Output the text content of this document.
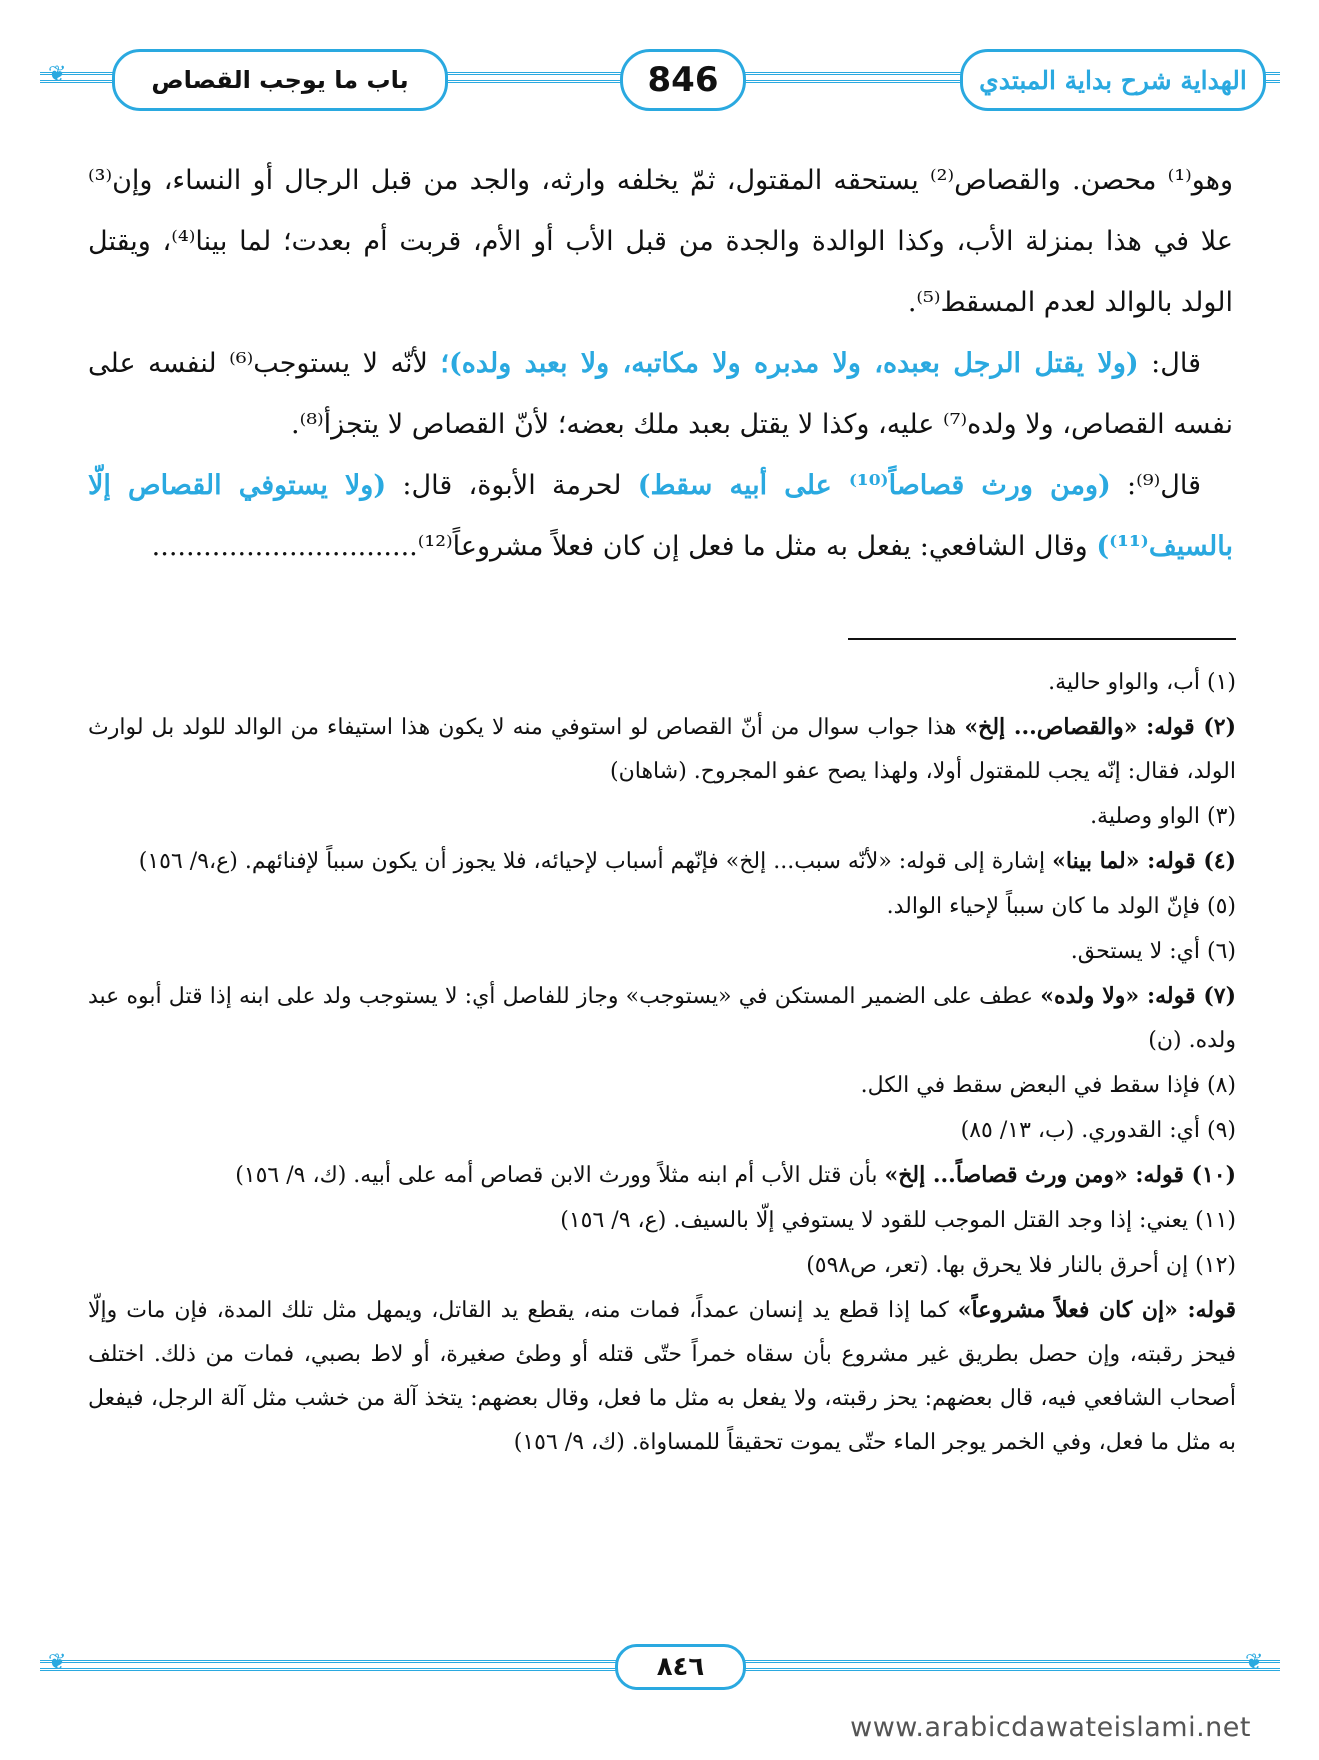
❦	باب ما يوجب القصاص	846	الهداية شرح بداية المبتدي

وهو⁽¹⁾ محصن. والقصاص⁽²⁾ يستحقه المقتول، ثمّ يخلفه وارثه، والجد من قبل الرجال أو النساء، وإن⁽³⁾ علا في هذا بمنزلة الأب، وكذا الوالدة والجدة من قبل الأب أو الأم، قربت أم بعدت؛ لما بينا⁽⁴⁾، ويقتل الولد بالوالد لعدم المسقط⁽⁵⁾.

قال: (ولا يقتل الرجل بعبده، ولا مدبره ولا مكاتبه، ولا بعبد ولده)؛ لأنّه لا يستوجب⁽⁶⁾ لنفسه على نفسه القصاص، ولا ولده⁽⁷⁾ عليه، وكذا لا يقتل بعبد ملك بعضه؛ لأنّ القصاص لا يتجزأ⁽⁸⁾.

قال⁽⁹⁾: (ومن ورث قصاصاً⁽¹⁰⁾ على أبيه سقط) لحرمة الأبوة، قال: (ولا يستوفي القصاص إلّا بالسيف⁽¹¹⁾) وقال الشافعي: يفعل به مثل ما فعل إن كان فعلاً مشروعاً⁽¹²⁾...............................

(١) أب، والواو حالية.

(٢) قوله: «والقصاص... إلخ» هذا جواب سوال من أنّ القصاص لو استوفي منه لا يكون هذا استيفاء من الوالد للولد بل لوارث الولد، فقال: إنّه يجب للمقتول أولا، ولهذا يصح عفو المجروح. (شاهان)

(٣) الواو وصلية.

(٤) قوله: «لما بينا» إشارة إلى قوله: «لأنّه سبب... إلخ» فإنّهم أسباب لإحيائه، فلا يجوز أن يكون سبباً لإفنائهم. (ع،٩/ ١٥٦)

(٥) فإنّ الولد ما كان سبباً لإحياء الوالد.

(٦) أي: لا يستحق.

(٧) قوله: «ولا ولده» عطف على الضمير المستكن في «يستوجب» وجاز للفاصل أي: لا يستوجب ولد على ابنه إذا قتل أبوه عبد ولده. (ن)

(٨) فإذا سقط في البعض سقط في الكل.

(٩) أي: القدوري. (ب، ١٣/ ٨٥)

(١٠) قوله: «ومن ورث قصاصاً... إلخ» بأن قتل الأب أم ابنه مثلاً وورث الابن قصاص أمه على أبيه. (ك، ٩/ ١٥٦)

(١١) يعني: إذا وجد القتل الموجب للقود لا يستوفي إلّا بالسيف. (ع، ٩/ ١٥٦)

(١٢) إن أحرق بالنار فلا يحرق بها. (تعر، ص٥٩٨)

قوله: «إن كان فعلاً مشروعاً» كما إذا قطع يد إنسان عمداً، فمات منه، يقطع يد القاتل، ويمهل مثل تلك المدة، فإن مات وإلّا فيحز رقبته، وإن حصل بطريق غير مشروع بأن سقاه خمراً حتّى قتله أو وطئ صغيرة، أو لاط بصبي، فمات من ذلك. اختلف أصحاب الشافعي فيه، قال بعضهم: يحز رقبته، ولا يفعل به مثل ما فعل، وقال بعضهم: يتخذ آلة من خشب مثل آلة الرجل، فيفعل به مثل ما فعل، وفي الخمر يوجر الماء حتّى يموت تحقيقاً للمساواة. (ك، ٩/ ١٥٦)

❦	❦
٨٤٦
www.arabicdawateislami.net
